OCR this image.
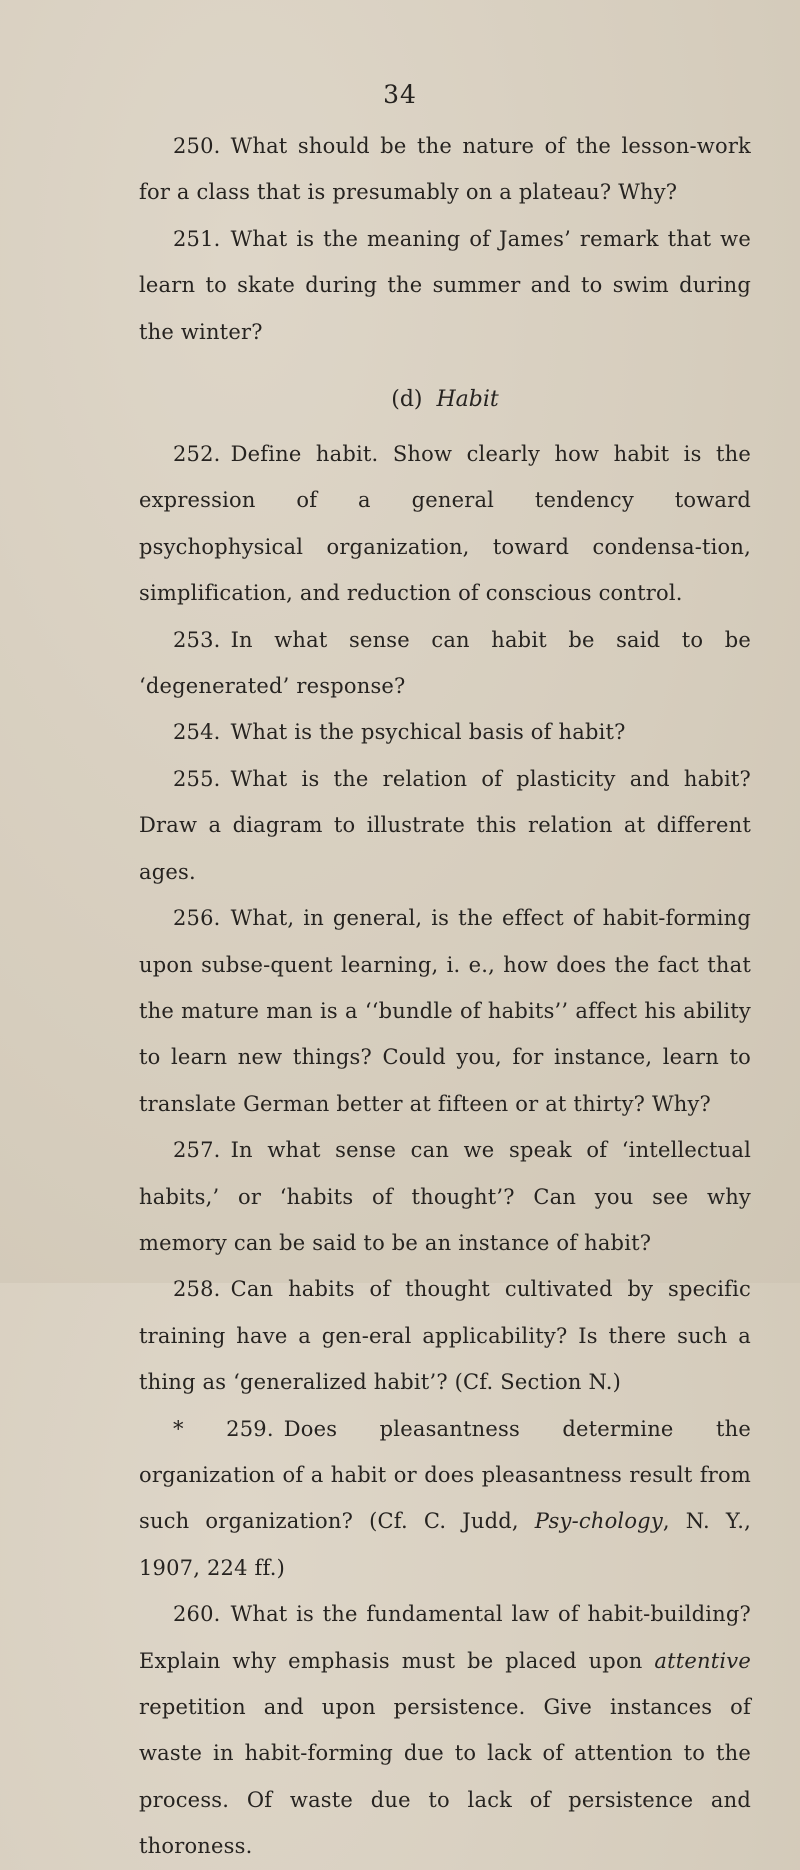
34

250. What should be the nature of the lesson-work for a class that is presumably on a plateau? Why?

251. What is the meaning of James’ remark that we learn to skate during the summer and to swim during the winter?

(d) Habit

252. Define habit. Show clearly how habit is the expression of a general tendency toward psychophysical organization, toward condensa-tion, simplification, and reduction of conscious control.

253. In what sense can habit be said to be ‘degenerated’ response?

254. What is the psychical basis of habit?

255. What is the relation of plasticity and habit? Draw a diagram to illustrate this relation at different ages.

256. What, in general, is the effect of habit-forming upon subse-quent learning, i. e., how does the fact that the mature man is a ‘‘bundle of habits’’ affect his ability to learn new things? Could you, for instance, learn to translate German better at fifteen or at thirty? Why?

257. In what sense can we speak of ‘intellectual habits,’ or ‘habits of thought’? Can you see why memory can be said to be an instance of habit?

258. Can habits of thought cultivated by specific training have a gen-eral applicability? Is there such a thing as ‘generalized habit’? (Cf. Section N.)

* 259. Does pleasantness determine the organization of a habit or does pleasantness result from such organization? (Cf. C. Judd, Psy-chology, N. Y., 1907, 224 ff.)

260. What is the fundamental law of habit-building? Explain why emphasis must be placed upon attentive repetition and upon persistence. Give instances of waste in habit-forming due to lack of attention to the process. Of waste due to lack of persistence and thoroness.
